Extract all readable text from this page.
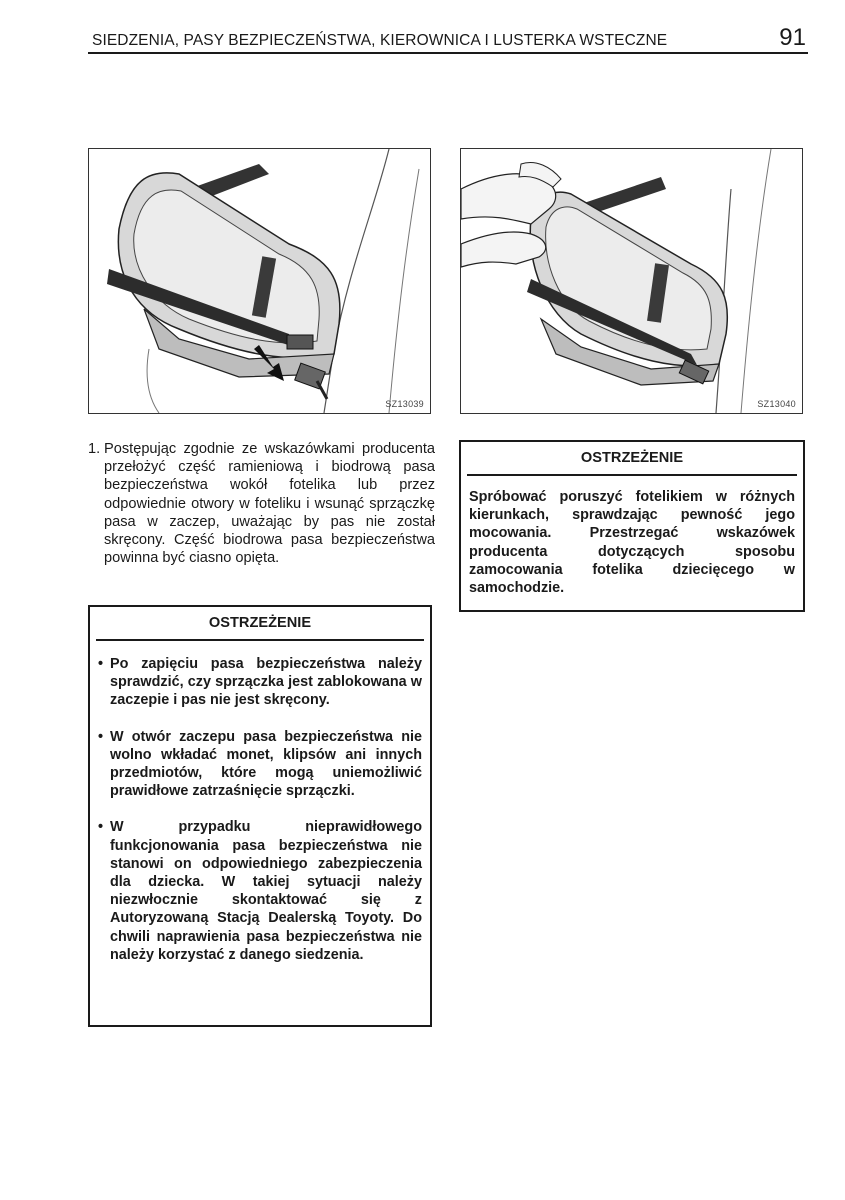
SIEDZENIA, PASY BEZPIECZEŃSTWA, KIEROWNICA I LUSTERKA WSTECZNE	91
SZ13039	SZ13040
1. Postępując zgodnie ze wskazówkami producenta przełożyć część ramieniową i biodrową pasa bezpieczeństwa wokół fotelika lub przez odpowiednie otwory w foteliku i wsunąć sprzączkę pasa w zaczep, uważając by pas nie został skręcony. Część biodrowa pasa bezpieczeństwa powinna być ciasno opięta.
OSTRZEŻENIE
• Po zapięciu pasa bezpieczeństwa należy sprawdzić, czy sprzączka jest zablokowana w zaczepie i pas nie jest skręcony.
• W otwór zaczepu pasa bezpieczeństwa nie wolno wkładać monet, klipsów ani innych przedmiotów, które mogą uniemożliwić prawidłowe zatrzaśnięcie sprzączki.
• W przypadku nieprawidłowego funkcjonowania pasa bezpieczeństwa nie stanowi on odpowiedniego zabezpieczenia dla dziecka. W takiej sytuacji należy niezwłocznie skontaktować się z Autoryzowaną Stacją Dealerską Toyoty. Do chwili naprawienia pasa bezpieczeństwa nie należy korzystać z danego siedzenia.
OSTRZEŻENIE
Spróbować poruszyć fotelikiem w różnych kierunkach, sprawdzając pewność jego mocowania. Przestrzegać wskazówek producenta dotyczących sposobu zamocowania fotelika dziecięcego w samochodzie.
